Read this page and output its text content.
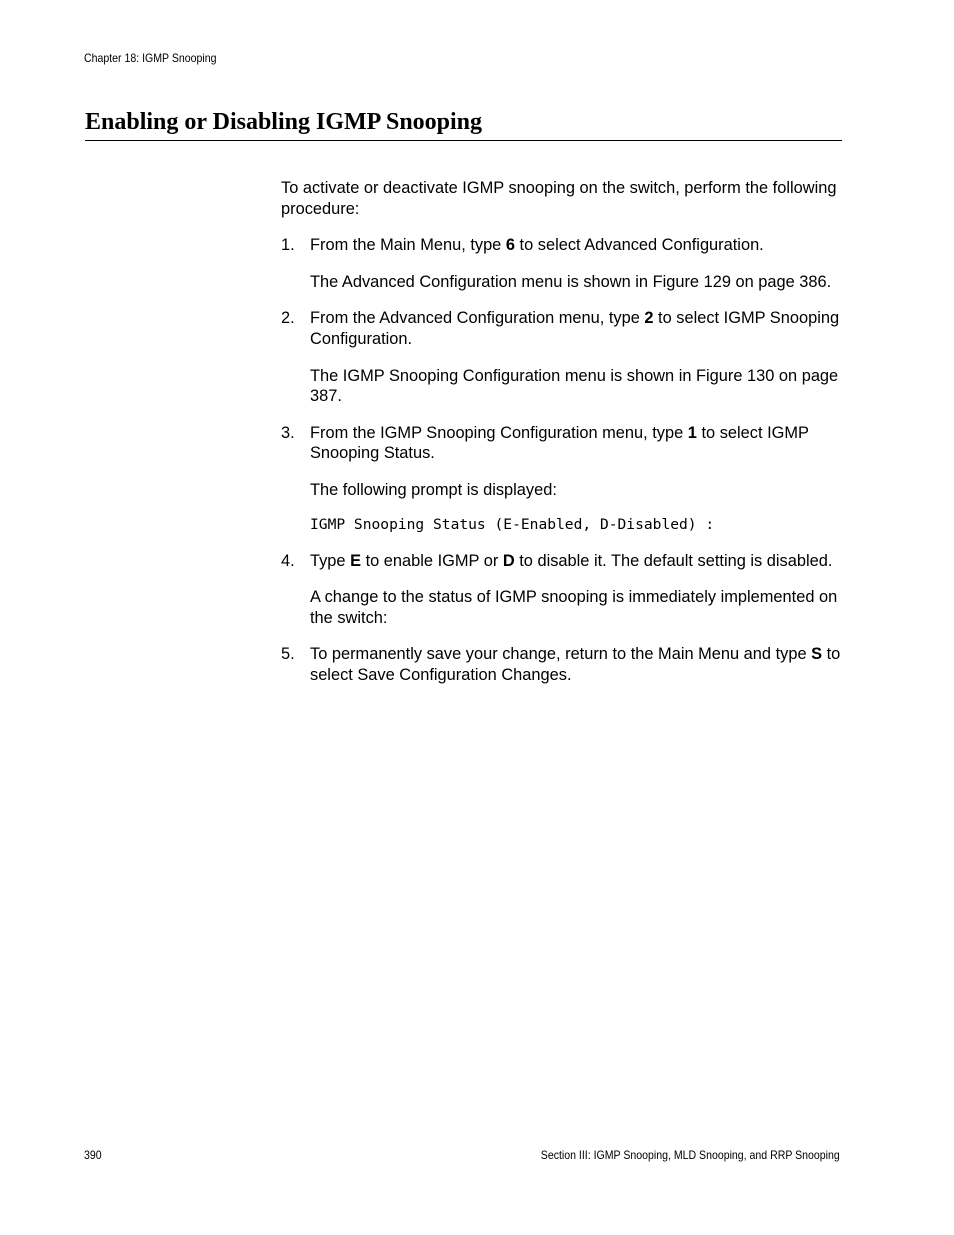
Chapter 18: IGMP Snooping
Enabling or Disabling IGMP Snooping

To activate or deactivate IGMP snooping on the switch, perform the following procedure:

1. From the Main Menu, type 6 to select Advanced Configuration.

The Advanced Configuration menu is shown in Figure 129 on page 386.

2. From the Advanced Configuration menu, type 2 to select IGMP Snooping Configuration.

The IGMP Snooping Configuration menu is shown in Figure 130 on page 387.

3. From the IGMP Snooping Configuration menu, type 1 to select IGMP Snooping Status.

The following prompt is displayed:

IGMP Snooping Status (E-Enabled, D-Disabled) :
4. Type E to enable IGMP or D to disable it. The default setting is disabled.

A change to the status of IGMP snooping is immediately implemented on the switch:

5. To permanently save your change, return to the Main Menu and type S to select Save Configuration Changes.

390	Section III: IGMP Snooping, MLD Snooping, and RRP Snooping
